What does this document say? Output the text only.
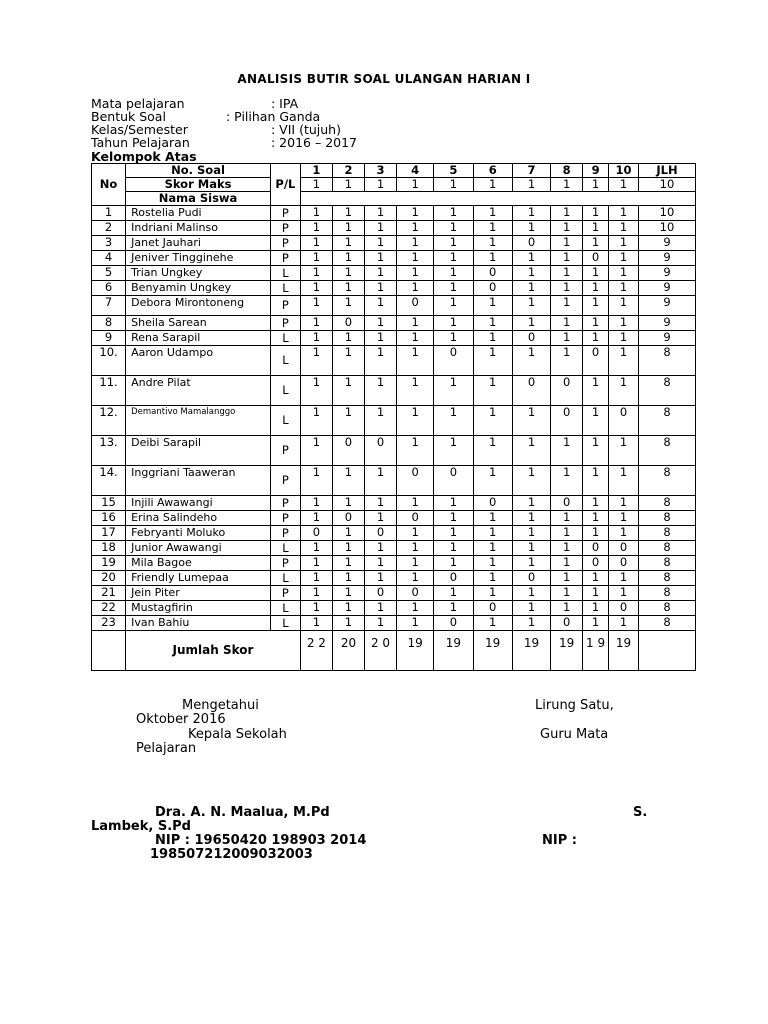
ANALISIS BUTIR SOAL ULANGAN HARIAN I
Mata pelajaran	: IPA
Bentuk Soal	: Pilihan Ganda
Kelas/Semester	: VII (tujuh)
Tahun Pelajaran	: 2016 – 2017
Kelompok Atas
No	No. Soal	P/L	1	2	3	4	5	6	7	8	9	10	JLH
	Skor Maks		1	1	1	1	1	1	1	1	1	1	10
	Nama Siswa												
1	Rostelia Pudi	P	1	1	1	1	1	1	1	1	1	1	10
2	Indriani Malinso	P	1	1	1	1	1	1	1	1	1	1	10
3	Janet Jauhari	P	1	1	1	1	1	1	0	1	1	1	9
4	Jeniver Tingginehe	P	1	1	1	1	1	1	1	1	0	1	9
5	Trian Ungkey	L	1	1	1	1	1	0	1	1	1	1	9
6	Benyamin Ungkey	L	1	1	1	1	1	0	1	1	1	1	9
7	Debora Mirontoneng	P	1	1	1	0	1	1	1	1	1	1	9
8	Sheila Sarean	P	1	0	1	1	1	1	1	1	1	1	9
9	Rena Sarapil	L	1	1	1	1	1	1	0	1	1	1	9
10.	Aaron Udampo	L	1	1	1	1	0	1	1	1	0	1	8
11.	Andre Pilat	L	1	1	1	1	1	1	0	0	1	1	8
12.	Demantivo Mamalanggo	L	1	1	1	1	1	1	1	0	1	0	8
13.	Deibi Sarapil	P	1	0	0	1	1	1	1	1	1	1	8
14.	Inggriani Taaweran	P	1	1	1	0	0	1	1	1	1	1	8
15	Injili Awawangi	P	1	1	1	1	1	0	1	0	1	1	8
16	Erina Salindeho	P	1	0	1	0	1	1	1	1	1	1	8
17	Febryanti Moluko	P	0	1	0	1	1	1	1	1	1	1	8
18	Junior Awawangi	L	1	1	1	1	1	1	1	1	0	0	8
19	Mila Bagoe	P	1	1	1	1	1	1	1	1	0	0	8
20	Friendly Lumepaa	L	1	1	1	1	0	1	0	1	1	1	8
21	Jein Piter	P	1	1	0	0	1	1	1	1	1	1	8
22	Mustagfirin	L	1	1	1	1	1	0	1	1	1	0	8
23	Ivan Bahiu	L	1	1	1	1	0	1	1	0	1	1	8
	Jumlah Skor		2 2	20	2 0	19	19	19	19	19	1 9	19	
Mengetahui	Lirung Satu,
Oktober 2016
Kepala Sekolah	Guru Mata
Pelajaran
Dra. A. N. Maalua, M.Pd	S.
Lambek, S.Pd
NIP : 19650420 198903 2014	NIP :
198507212009032003
